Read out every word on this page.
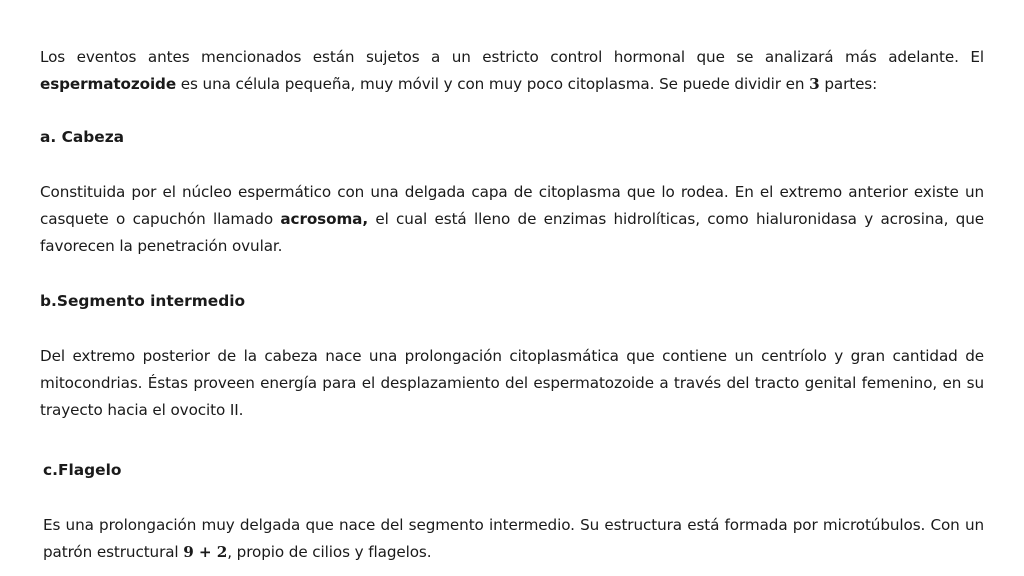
Los eventos antes mencionados están sujetos a un estricto control hormonal que se analizará más adelante. El espermatozoide es una célula pequeña, muy móvil y con muy poco citoplasma. Se puede dividir en 3 partes:

a. Cabeza

Constituida por el núcleo espermático con una delgada capa de citoplasma que lo rodea. En el extremo anterior existe un casquete o capuchón llamado acrosoma, el cual está lleno de enzimas hidrolíticas, como hialuronidasa y acrosina, que favorecen la penetración ovular.

b.Segmento intermedio

Del extremo posterior de la cabeza nace una prolongación citoplasmática que contiene un centríolo y gran cantidad de mitocondrias. Éstas proveen energía para el desplazamiento del espermatozoide a través del tracto genital femenino, en su trayecto hacia el ovocito II.

c.Flagelo

Es una prolongación muy delgada que nace del segmento intermedio. Su estructura está formada por microtúbulos. Con un patrón estructural 9 + 2, propio de cilios y flagelos.
